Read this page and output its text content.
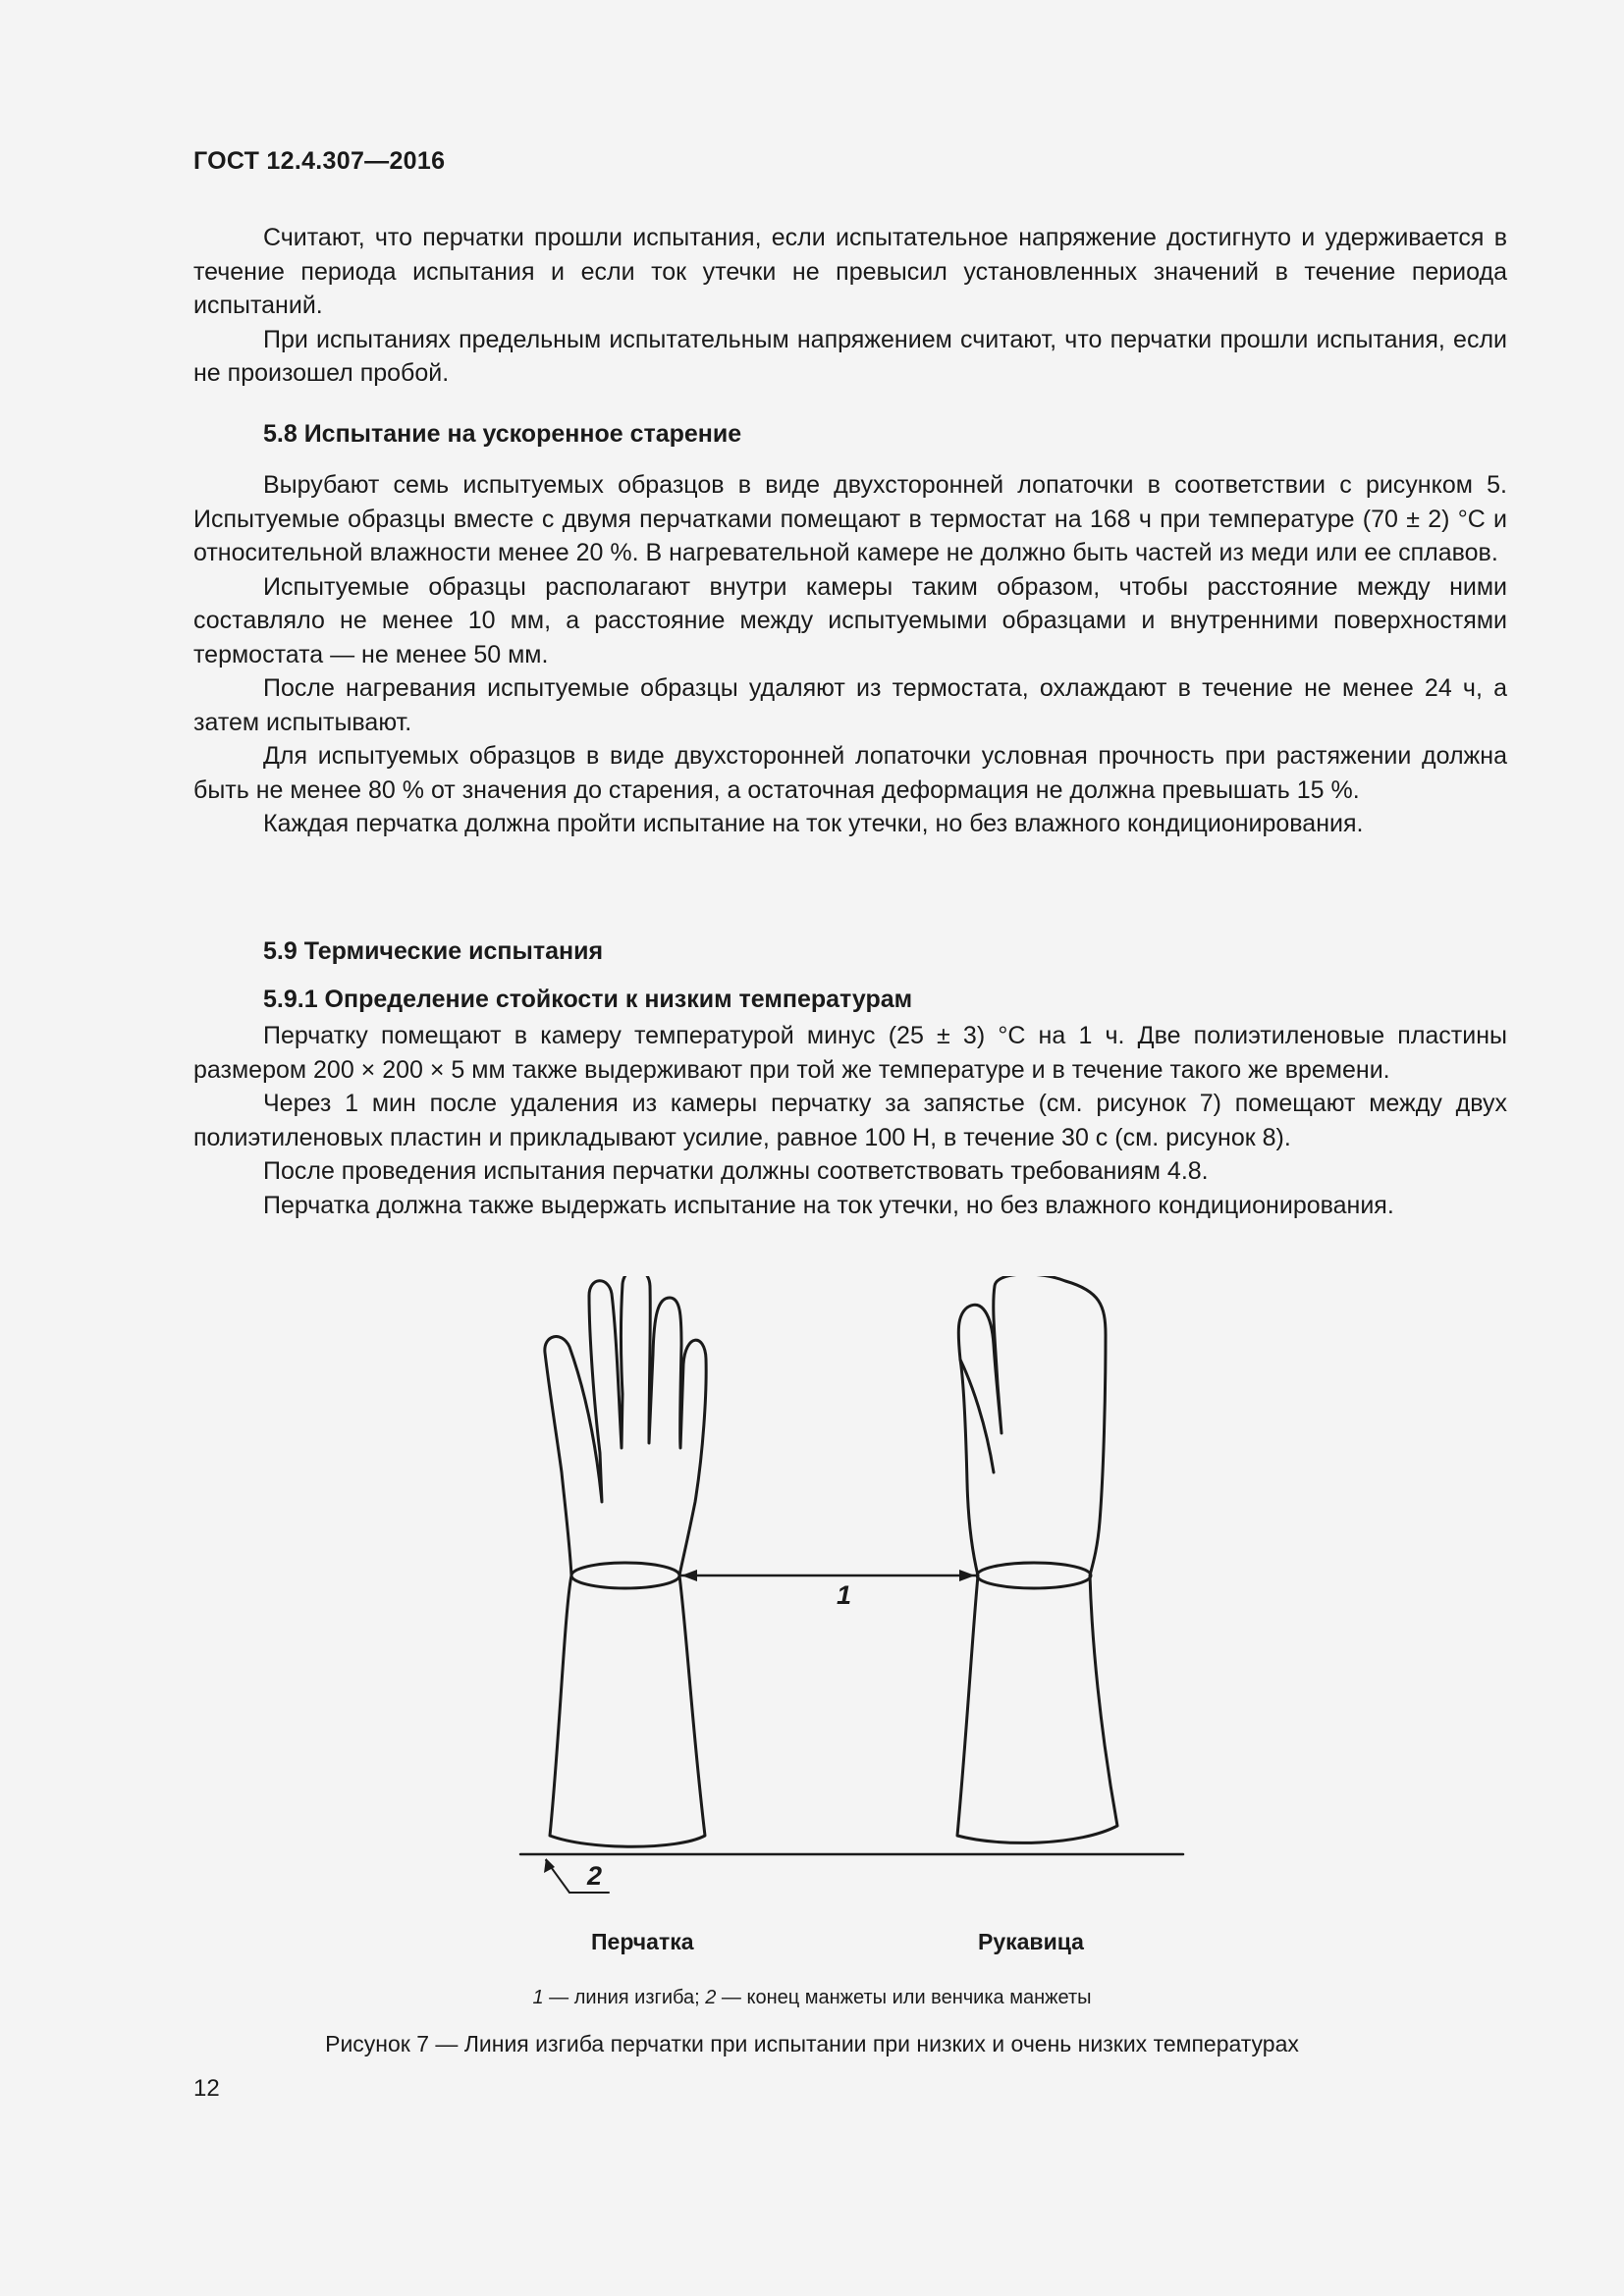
ГОСТ 12.4.307—2016

Считают, что перчатки прошли испытания, если испытательное напряжение достигнуто и удерживается в течение периода испытания и если ток утечки не превысил установленных значений в течение периода испытаний.

При испытаниях предельным испытательным напряжением считают, что перчатки прошли испытания, если не произошел пробой.

5.8 Испытание на ускоренное старение

Вырубают семь испытуемых образцов в виде двухсторонней лопаточки в соответствии с рисунком 5. Испытуемые образцы вместе с двумя перчатками помещают в термостат на 168 ч при температуре (70 ± 2) °С и относительной влажности менее 20 %. В нагревательной камере не должно быть частей из меди или ее сплавов.

Испытуемые образцы располагают внутри камеры таким образом, чтобы расстояние между ними составляло не менее 10 мм, а расстояние между испытуемыми образцами и внутренними поверхностями термостата — не менее 50 мм.

После нагревания испытуемые образцы удаляют из термостата, охлаждают в течение не менее 24 ч, а затем испытывают.

Для испытуемых образцов в виде двухсторонней лопаточки условная прочность при растяжении должна быть не менее 80 % от значения до старения, а остаточная деформация не должна превышать 15 %.

Каждая перчатка должна пройти испытание на ток утечки, но без влажного кондиционирования.

5.9 Термические испытания
5.9.1 Определение стойкости к низким температурам

Перчатку помещают в камеру температурой минус (25 ± 3) °С на 1 ч. Две полиэтиленовые пластины размером 200 × 200 × 5 мм также выдерживают при той же температуре и в течение такого же времени.

Через 1 мин после удаления из камеры перчатку за запястье (см. рисунок 7) помещают между двух полиэтиленовых пластин и прикладывают усилие, равное 100 Н, в течение 30 с (см. рисунок 8).

После проведения испытания перчатки должны соответствовать требованиям 4.8.

Перчатка должна также выдержать испытание на ток утечки, но без влажного кондиционирования.

1
2
Перчатка	Рукавица
1 — линия изгиба; 2 — конец манжеты или венчика манжеты
Рисунок 7 — Линия изгиба перчатки при испытании при низких и очень низких температурах
12
